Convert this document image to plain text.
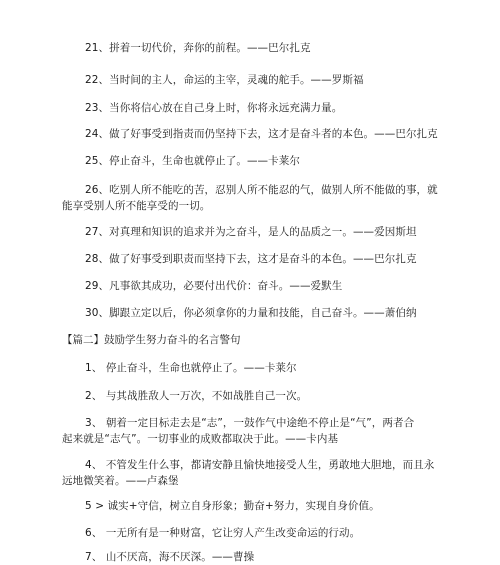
21、拼着一切代价，奔你的前程。——巴尔扎克
22、当时间的主人，命运的主宰，灵魂的舵手。——罗斯福
23、当你将信心放在自己身上时，你将永远充满力量。
24、做了好事受到指责而仍坚持下去，这才是奋斗者的本色。——巴尔扎克
25、停止奋斗，生命也就停止了。——卡莱尔
26、吃别人所不能吃的苦，忍别人所不能忍的气，做别人所不能做的事，就
能享受别人所不能享受的一切。
27、对真理和知识的追求并为之奋斗，是人的品质之一。——爱因斯坦
28、做了好事受到职责而坚持下去，这才是奋斗的本色。——巴尔扎克
29、凡事欲其成功，必要付出代价：奋斗。——爱默生
30、脚跟立定以后，你必须拿你的力量和技能，自己奋斗。——萧伯纳
【篇二】鼓励学生努力奋斗的名言警句
1、 停止奋斗，生命也就停止了。——卡莱尔
2、 与其战胜敌人一万次，不如战胜自己一次。
3、 朝着一定目标走去是“志”，一鼓作气中途绝不停止是“气”，两者合
起来就是“志气”。一切事业的成败都取决于此。——卡内基
4、 不管发生什么事，都请安静且愉快地接受人生，勇敢地大胆地，而且永
远地微笑着。——卢森堡
5 > 诚实+守信，树立自身形象；勤奋+努力，实现自身价值。
6、 一无所有是一种财富，它让穷人产生改变命运的行动。
7、 山不厌高，海不厌深。——曹操
